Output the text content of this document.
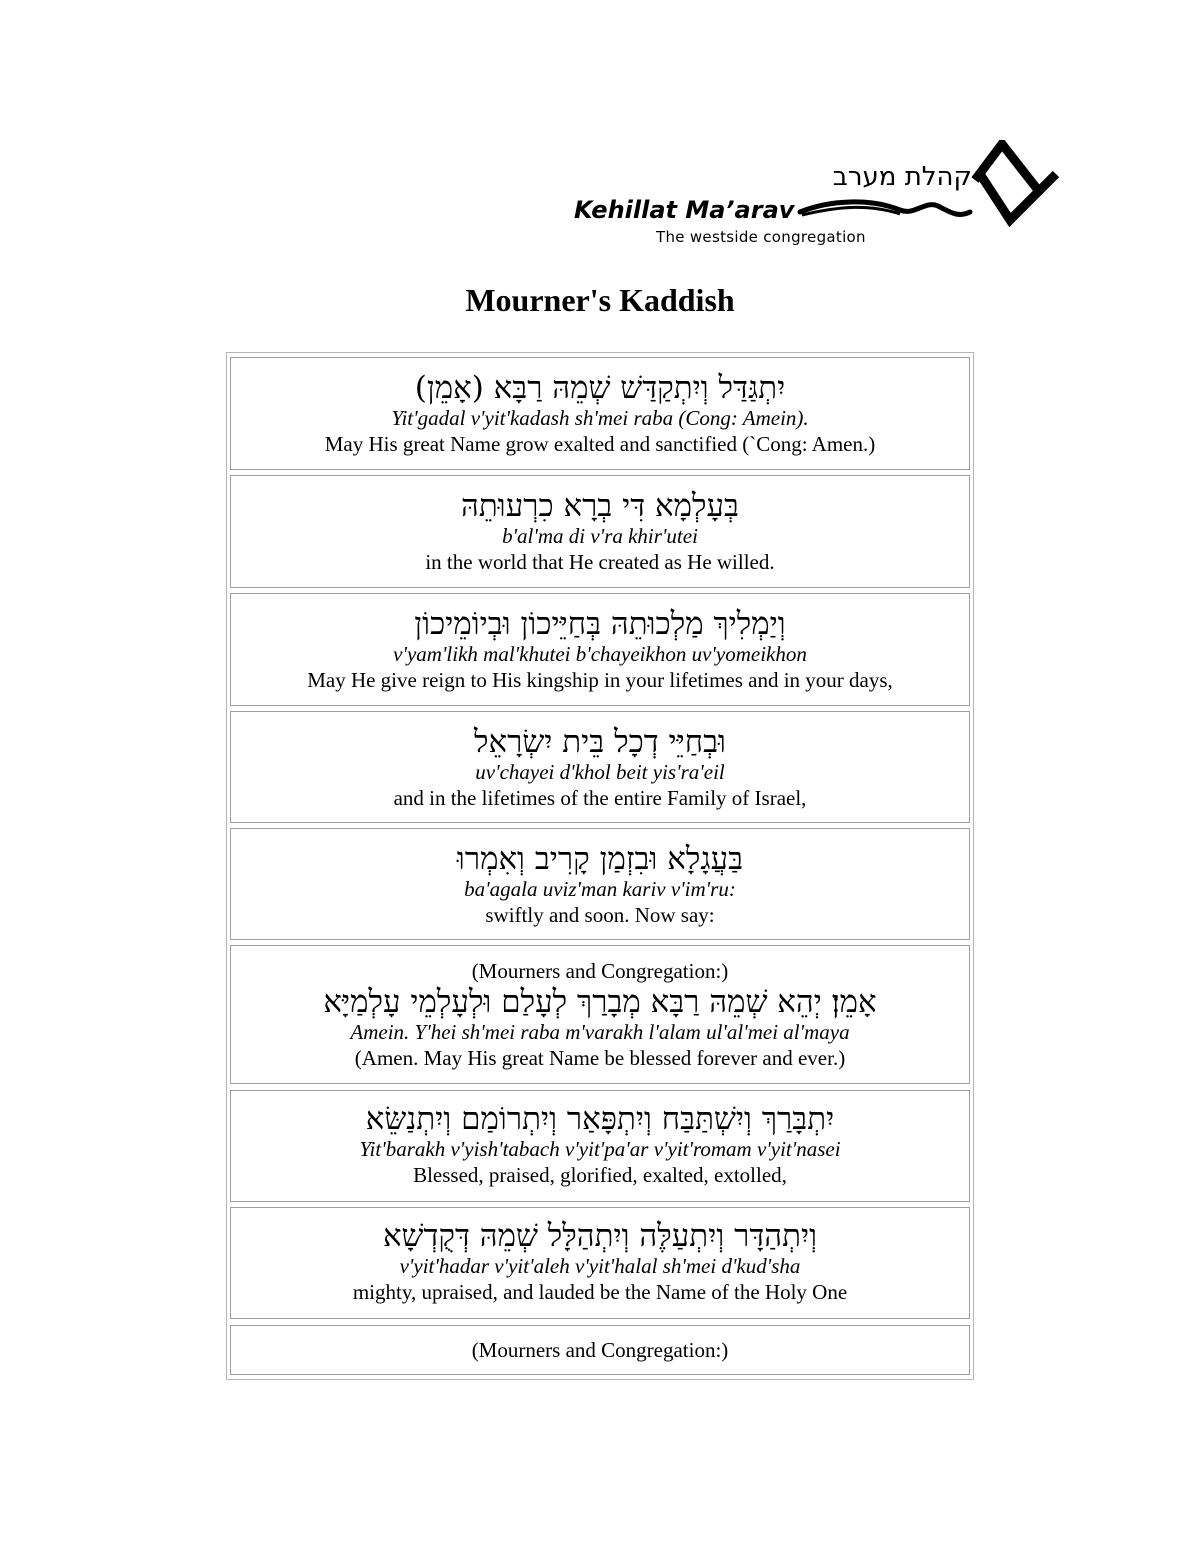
קהלת מערב
Kehillat Ma’arav
The westside congregation
Mourner's Kaddish
יִתְגַּדַּל וְיִתְקַדַּשׁ שְׁמֵהּ רַבָּא (אָמֵן)
Yit'gadal v'yit'kadash sh'mei raba (Cong: Amein).
May His great Name grow exalted and sanctified (`Cong: Amen.)
בְּעָלְמָא דִּי בְרָא כִרְעוּתֵהּ
b'al'ma di v'ra khir'utei
in the world that He created as He willed.
וְיַמְלִיךְ מַלְכוּתֵהּ בְּחַיֵּיכוֹן וּבְיוֹמֵיכוֹן
v'yam'likh mal'khutei b'chayeikhon uv'yomeikhon
May He give reign to His kingship in your lifetimes and in your days,
וּבְחַיֵּי דְכָל בֵּית יִשְׂרָאֵל
uv'chayei d'khol beit yis'ra'eil
and in the lifetimes of the entire Family of Israel,
בַּעֲגָלָא וּבִזְמַן קָרִיב וְאִמְרוּ
ba'agala uviz'man kariv v'im'ru:
swiftly and soon. Now say:
(Mourners and Congregation:)
אָמֵן׃ יְהֵא שְׁמֵהּ רַבָּא מְבָרַךְ לְעָלַם וּלְעָלְמֵי עָלְמַיָּא
Amein. Y'hei sh'mei raba m'varakh l'alam ul'al'mei al'maya
(Amen. May His great Name be blessed forever and ever.)
יִתְבָּרַךְ וְיִשְׁתַּבַּח וְיִתְפָּאַר וְיִתְרוֹמַם וְיִתְנַשֵּׂא
Yit'barakh v'yish'tabach v'yit'pa'ar v'yit'romam v'yit'nasei
Blessed, praised, glorified, exalted, extolled,
וְיִתְהַדָּר וְיִתְעַלֶּה וְיִתְהַלָּל שְׁמֵהּ דְּקֻדְשָׁא
v'yit'hadar v'yit'aleh v'yit'halal sh'mei d'kud'sha
mighty, upraised, and lauded be the Name of the Holy One
(Mourners and Congregation:)
